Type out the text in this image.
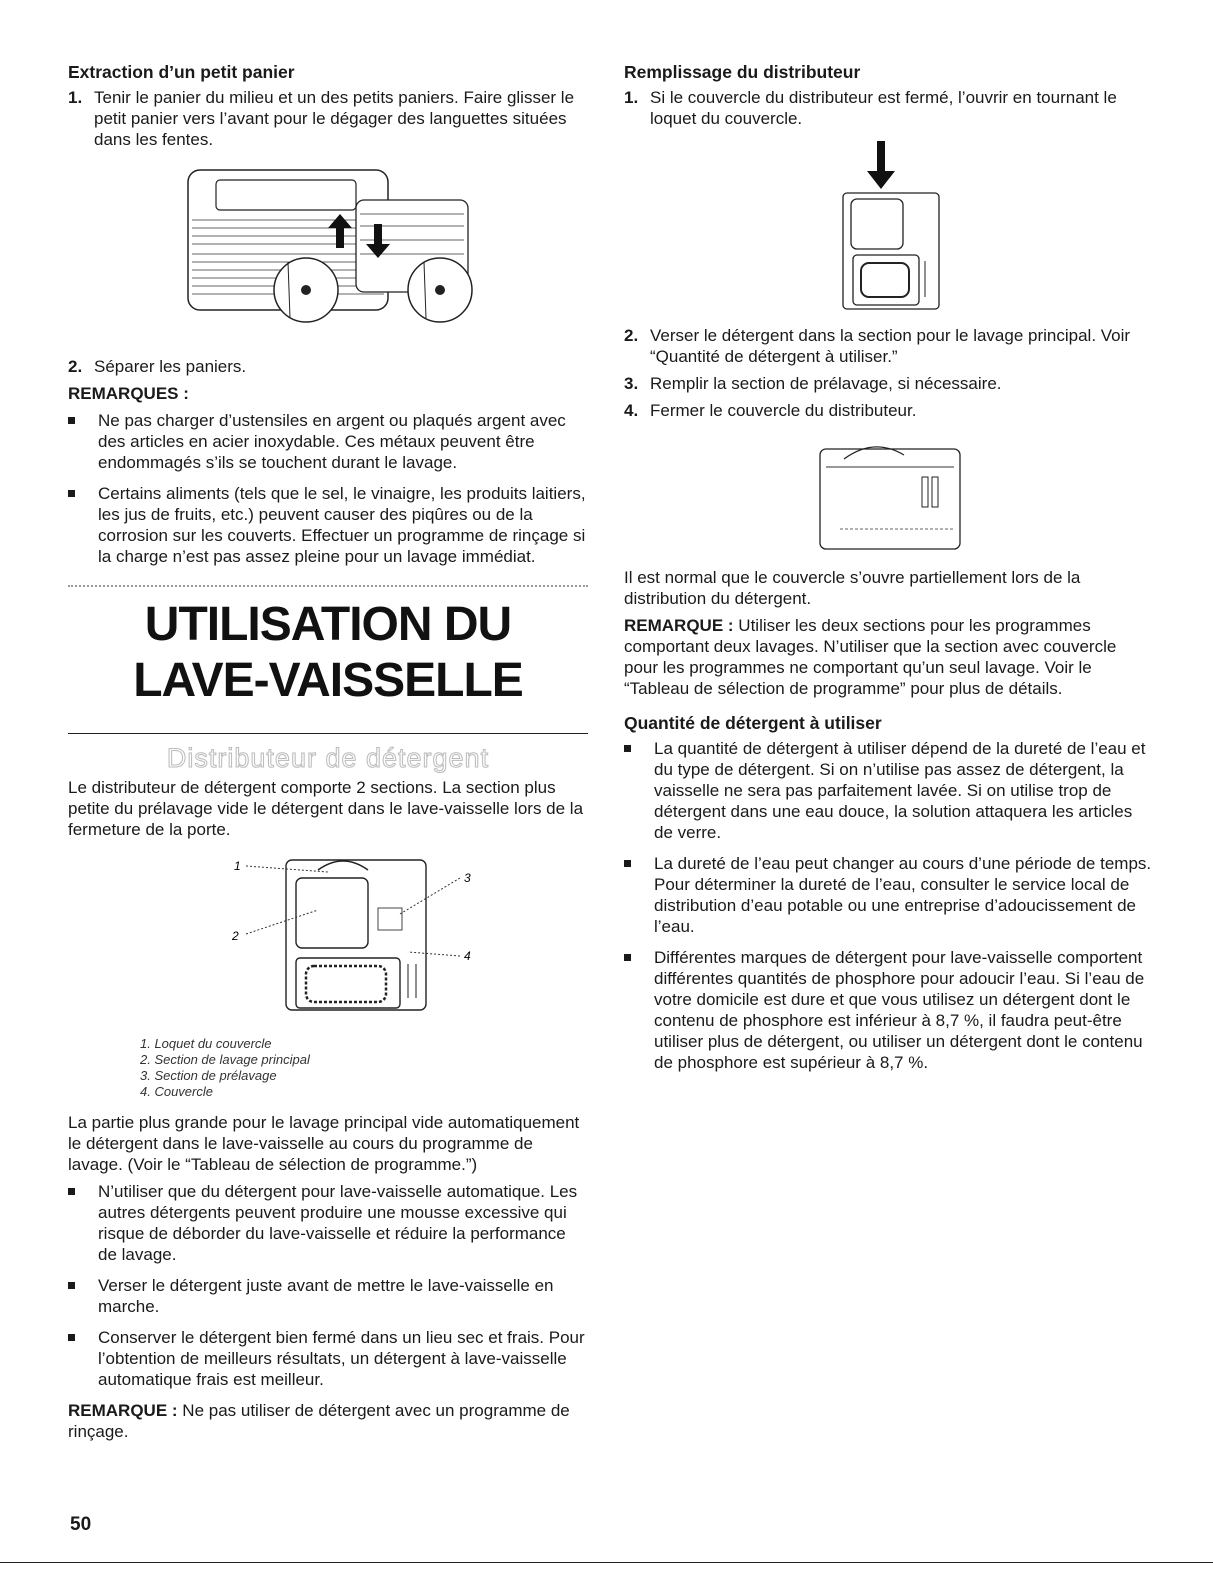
Extraction d’un petit panier
1. Tenir le panier du milieu et un des petits paniers. Faire glisser le petit panier vers l’avant pour le dégager des languettes situées dans les fentes.
2. Séparer les paniers.

REMARQUES :

Ne pas charger d’ustensiles en argent ou plaqués argent avec des articles en acier inoxydable. Ces métaux peuvent être endommagés s’ils se touchent durant le lavage.
Certains aliments (tels que le sel, le vinaigre, les produits laitiers, les jus de fruits, etc.) peuvent causer des piqûres ou de la corrosion sur les couverts. Effectuer un programme de rinçage si la charge n’est pas assez pleine pour un lavage immédiat.
UTILISATION DU
LAVE-VAISSELLE
Distributeur de détergent

Le distributeur de détergent comporte 2 sections. La section plus petite du prélavage vide le détergent dans le lave-vaisselle lors de la fermeture de la porte.

1
2
3
4
1. Loquet du couvercle
2. Section de lavage principal
3. Section de prélavage
4. Couvercle

La partie plus grande pour le lavage principal vide automatiquement le détergent dans le lave-vaisselle au cours du programme de lavage. (Voir le “Tableau de sélection de programme.”)

N’utiliser que du détergent pour lave-vaisselle automatique. Les autres détergents peuvent produire une mousse excessive qui risque de déborder du lave-vaisselle et réduire la performance de lavage.
Verser le détergent juste avant de mettre le lave-vaisselle en marche.
Conserver le détergent bien fermé dans un lieu sec et frais. Pour l’obtention de meilleurs résultats, un détergent à lave-vaisselle automatique frais est meilleur.

REMARQUE : Ne pas utiliser de détergent avec un programme de rinçage.

Remplissage du distributeur
1. Si le couvercle du distributeur est fermé, l’ouvrir en tournant le loquet du couvercle.
2. Verser le détergent dans la section pour le lavage principal. Voir “Quantité de détergent à utiliser.”
3. Remplir la section de prélavage, si nécessaire.
4. Fermer le couvercle du distributeur.

Il est normal que le couvercle s’ouvre partiellement lors de la distribution du détergent.

REMARQUE : Utiliser les deux sections pour les programmes comportant deux lavages. N’utiliser que la section avec couvercle pour les programmes ne comportant qu’un seul lavage. Voir le “Tableau de sélection de programme” pour plus de détails.

Quantité de détergent à utiliser
La quantité de détergent à utiliser dépend de la dureté de l’eau et du type de détergent. Si on n’utilise pas assez de détergent, la vaisselle ne sera pas parfaitement lavée. Si on utilise trop de détergent dans une eau douce, la solution attaquera les articles de verre.
La dureté de l’eau peut changer au cours d’une période de temps. Pour déterminer la dureté de l’eau, consulter le service local de distribution d’eau potable ou une entreprise d’adoucissement de l’eau.
Différentes marques de détergent pour lave-vaisselle comportent différentes quantités de phosphore pour adoucir l’eau. Si l’eau de votre domicile est dure et que vous utilisez un détergent dont le contenu de phosphore est inférieur à 8,7 %, il faudra peut-être utiliser plus de détergent, ou utiliser un détergent dont le contenu de phosphore est supérieur à 8,7 %.
50
